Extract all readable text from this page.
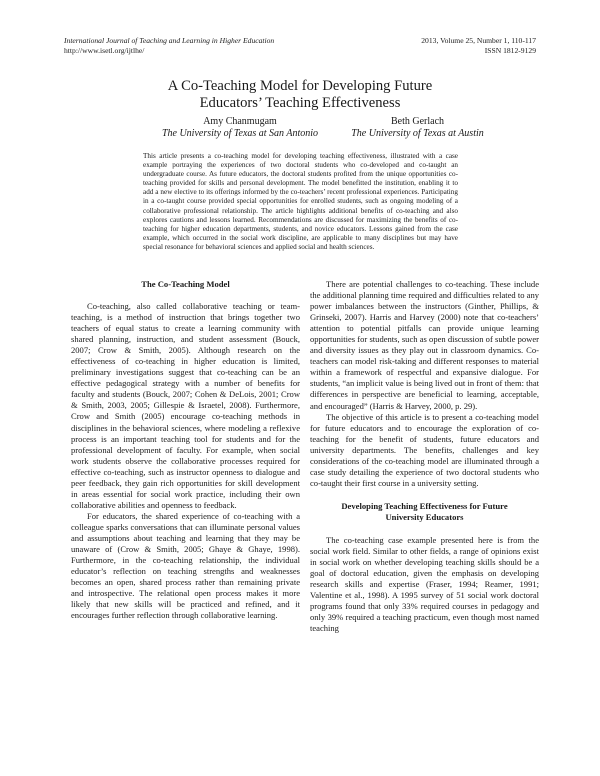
International Journal of Teaching and Learning in Higher Education
http://www.isetl.org/ijtlhe/
2013, Volume 25, Number 1, 110-117
ISSN 1812-9129
A Co-Teaching Model for Developing Future
Educators’ Teaching Effectiveness
Amy Chanmugam
The University of Texas at San Antonio
Beth Gerlach
The University of Texas at Austin

This article presents a co-teaching model for developing teaching effectiveness, illustrated with a case example portraying the experiences of two doctoral students who co-developed and co-taught an undergraduate course. As future educators, the doctoral students profited from the unique opportunities co-teaching provided for skills and personal development. The model benefitted the institution, enabling it to add a new elective to its offerings informed by the co-teachers’ recent professional experiences. Participating in a co-taught course provided special opportunities for enrolled students, such as ongoing modeling of a collaborative professional relationship. The article highlights additional benefits of co-teaching and also explores cautions and lessons learned. Recommendations are discussed for maximizing the benefits of co-teaching for higher education departments, students, and novice educators. Lessons gained from the case example, which occurred in the social work discipline, are applicable to many disciplines but may have special resonance for behavioral sciences and applied social and health sciences.

The Co-Teaching Model

Co-teaching, also called collaborative teaching or team-teaching, is a method of instruction that brings together two teachers of equal status to create a learning community with shared planning, instruction, and student assessment (Bouck, 2007; Crow & Smith, 2005). Although research on the effectiveness of co-teaching in higher education is limited, preliminary investigations suggest that co-teaching can be an effective pedagogical strategy with a number of benefits for faculty and students (Bouck, 2007; Cohen & DeLois, 2001; Crow & Smith, 2003, 2005; Gillespie & Israetel, 2008). Furthermore, Crow and Smith (2005) encourage co-teaching methods in disciplines in the behavioral sciences, where modeling a reflexive process is an important teaching tool for students and for the professional development of faculty. For example, when social work students observe the collaborative processes required for effective co-teaching, such as instructor openness to dialogue and peer feedback, they gain rich opportunities for skill development in areas essential for social work practice, including their own collaborative abilities and openness to feedback.

For educators, the shared experience of co-teaching with a colleague sparks conversations that can illuminate personal values and assumptions about teaching and learning that they may be unaware of (Crow & Smith, 2005; Ghaye & Ghaye, 1998). Furthermore, in the co-teaching relationship, the individual educator’s reflection on teaching strengths and weaknesses becomes an open, shared process rather than remaining private and introspective. The relational open process makes it more likely that new skills will be practiced and refined, and it encourages further reflection through collaborative learning.

There are potential challenges to co-teaching. These include the additional planning time required and difficulties related to any power imbalances between the instructors (Ginther, Phillips, & Grinseki, 2007). Harris and Harvey (2000) note that co-teachers’ attention to potential pitfalls can provide unique learning opportunities for students, such as open discussion of subtle power and diversity issues as they play out in classroom dynamics. Co-teachers can model risk-taking and different responses to material within a framework of respectful and expansive dialogue. For students, “an implicit value is being lived out in front of them: that differences in perspective are beneficial to learning, acceptable, and encouraged” (Harris & Harvey, 2000, p. 29).

The objective of this article is to present a co-teaching model for future educators and to encourage the exploration of co-teaching for the benefit of students, future educators and university departments. The benefits, challenges and key considerations of the co-teaching model are illuminated through a case study detailing the experience of two doctoral students who co-taught their first course in a university setting.

Developing Teaching Effectiveness for Future
University Educators

The co-teaching case example presented here is from the social work field. Similar to other fields, a range of opinions exist in social work on whether developing teaching skills should be a goal of doctoral education, given the emphasis on developing research skills and expertise (Fraser, 1994; Reamer, 1991; Valentine et al., 1998). A 1995 survey of 51 social work doctoral programs found that only 33% required courses in pedagogy and only 39% required a teaching practicum, even though most named teaching
